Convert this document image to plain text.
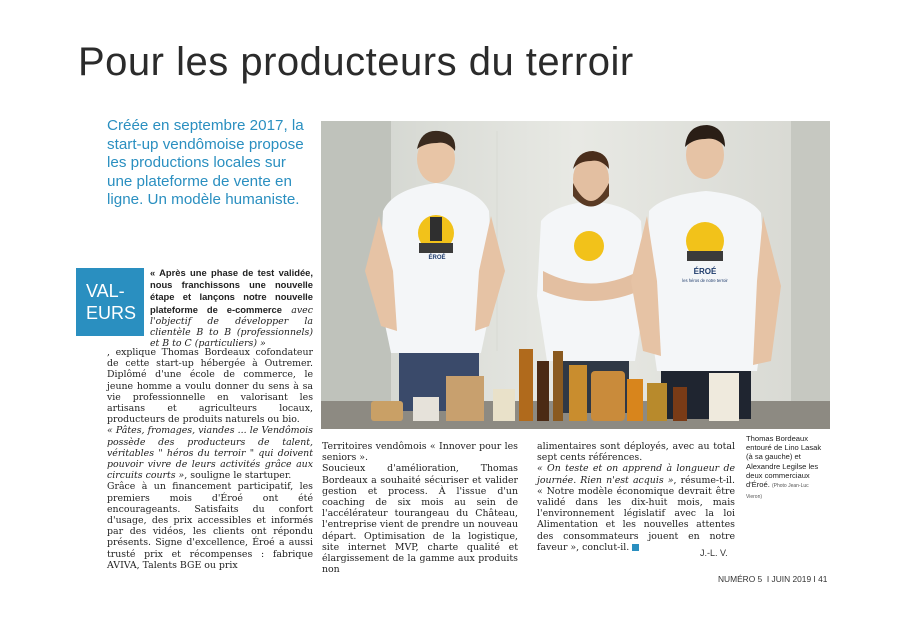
Pour les producteurs du terroir
Créée en septembre 2017, la start-up vendômoise propose les productions locales sur une plateforme de vente en ligne. Un modèle humaniste.
VAL-
EURS
ÉROÉ
ÉROÉ
les héros de notre terroir

« Après une phase de test validée, nous franchissons une nouvelle étape et lançons notre nouvelle plateforme de e-commerce avec l'objectif de développer la clientèle B to B (professionnels) et B to C (particuliers) »

, explique Thomas Bordeaux cofondateur de cette start-up hébergée à Outremer. Diplômé d'une école de commerce, le jeune homme a voulu donner du sens à sa vie professionnelle en valorisant les artisans et agriculteurs locaux, producteurs de produits naturels ou bio.

« Pâtes, fromages, viandes ... le Vendômois possède des producteurs de talent, véritables " héros du terroir " qui doivent pouvoir vivre de leurs activités grâce aux circuits courts », souligne le startuper.

Grâce à un financement participatif, les premiers mois d'Éroé ont été encourageants. Satisfaits du confort d'usage, des prix accessibles et informés par des vidéos, les clients ont répondu présents. Signe d'excellence, Éroé a aussi trusté prix et récompenses : fabrique AVIVA, Talents BGE ou prix

Territoires vendômois « Innover pour les seniors ».

Soucieux d'amélioration, Thomas Bordeaux a souhaité sécuriser et valider gestion et process. À l'issue d'un coaching de six mois au sein de l'accélérateur tourangeau du Château, l'entreprise vient de prendre un nouveau départ. Optimisation de la logistique, site internet MVP, charte qualité et élargissement de la gamme aux produits non

alimentaires sont déployés, avec au total sept cents références.

« On teste et on apprend à longueur de journée. Rien n'est acquis », résume-t-il. « Notre modèle économique devrait être validé dans les dix-huit mois, mais l'environnement législatif avec la loi Alimentation et les nouvelles attentes des consommateurs jouent en notre faveur », conclut-il.

J.-L. V.
Thomas Bordeaux entouré de Lino Lasak (à sa gauche) et Alexandre Legilse les deux commerciaux d'Éroé. (Photo Jean-Luc Vieron)
NUMÉRO 5  I JUIN 2019 I 41
